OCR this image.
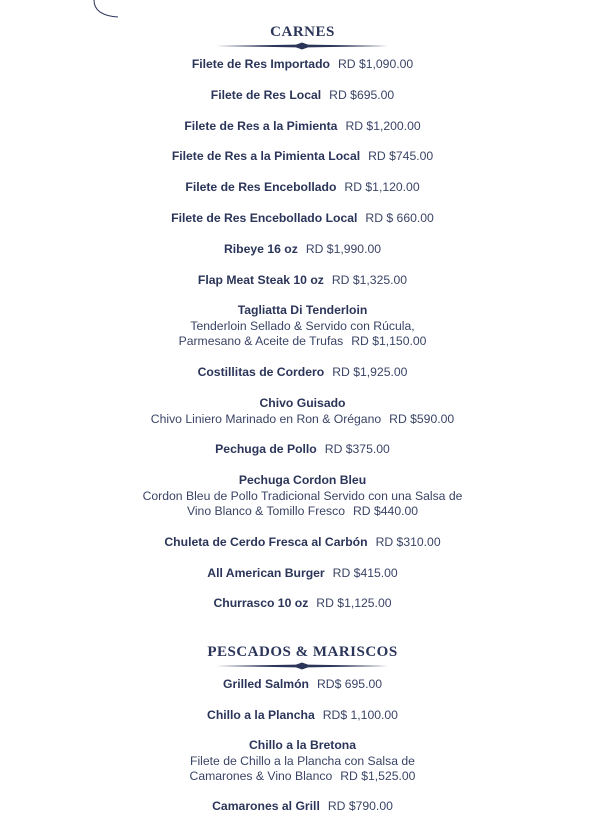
CARNES
Filete de Res Importado RD $1,090.00
Filete de Res Local RD $695.00
Filete de Res a la Pimienta RD $1,200.00
Filete de Res a la Pimienta Local RD $745.00
Filete de Res Encebollado RD $1,120.00
Filete de Res Encebollado Local RD $ 660.00
Ribeye 16 oz RD $1,990.00
Flap Meat Steak 10 oz RD $1,325.00
Tagliatta Di Tenderloin
Tenderloin Sellado & Servido con Rúcula,
Parmesano & Aceite de Trufas RD $1,150.00
Costillitas de Cordero RD $1,925.00
Chivo Guisado
Chivo Liniero Marinado en Ron & Orégano RD $590.00
Pechuga de Pollo RD $375.00
Pechuga Cordon Bleu
Cordon Bleu de Pollo Tradicional Servido con una Salsa de
Vino Blanco & Tomillo Fresco RD $440.00
Chuleta de Cerdo Fresca al Carbón RD $310.00
All American Burger RD $415.00
Churrasco 10 oz RD $1,125.00
PESCADOS & MARISCOS
Grilled Salmón RD$ 695.00
Chillo a la Plancha RD$ 1,100.00
Chillo a la Bretona
Filete de Chillo a la Plancha con Salsa de
Camarones & Vino Blanco RD $1,525.00
Camarones al Grill RD $790.00
